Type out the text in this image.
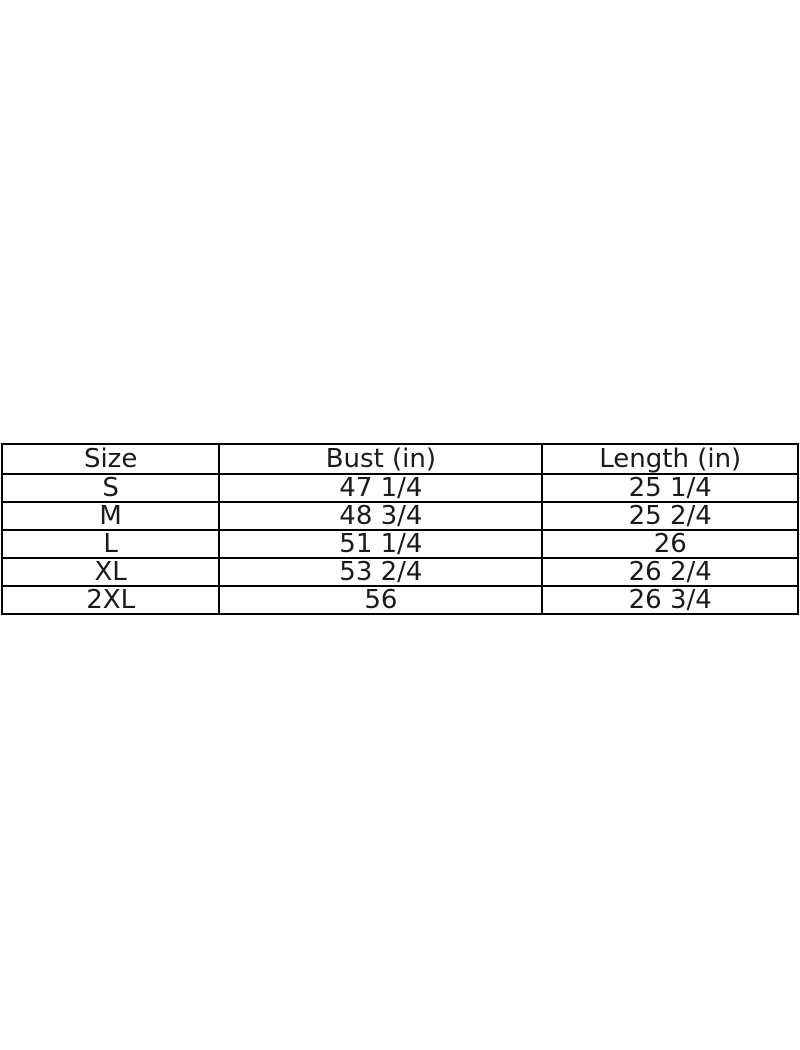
Size	Bust (in)	Length (in)
S	47 1/4	25 1/4
M	48 3/4	25 2/4
L	51 1/4	26
XL	53 2/4	26 2/4
2XL	56	26 3/4
